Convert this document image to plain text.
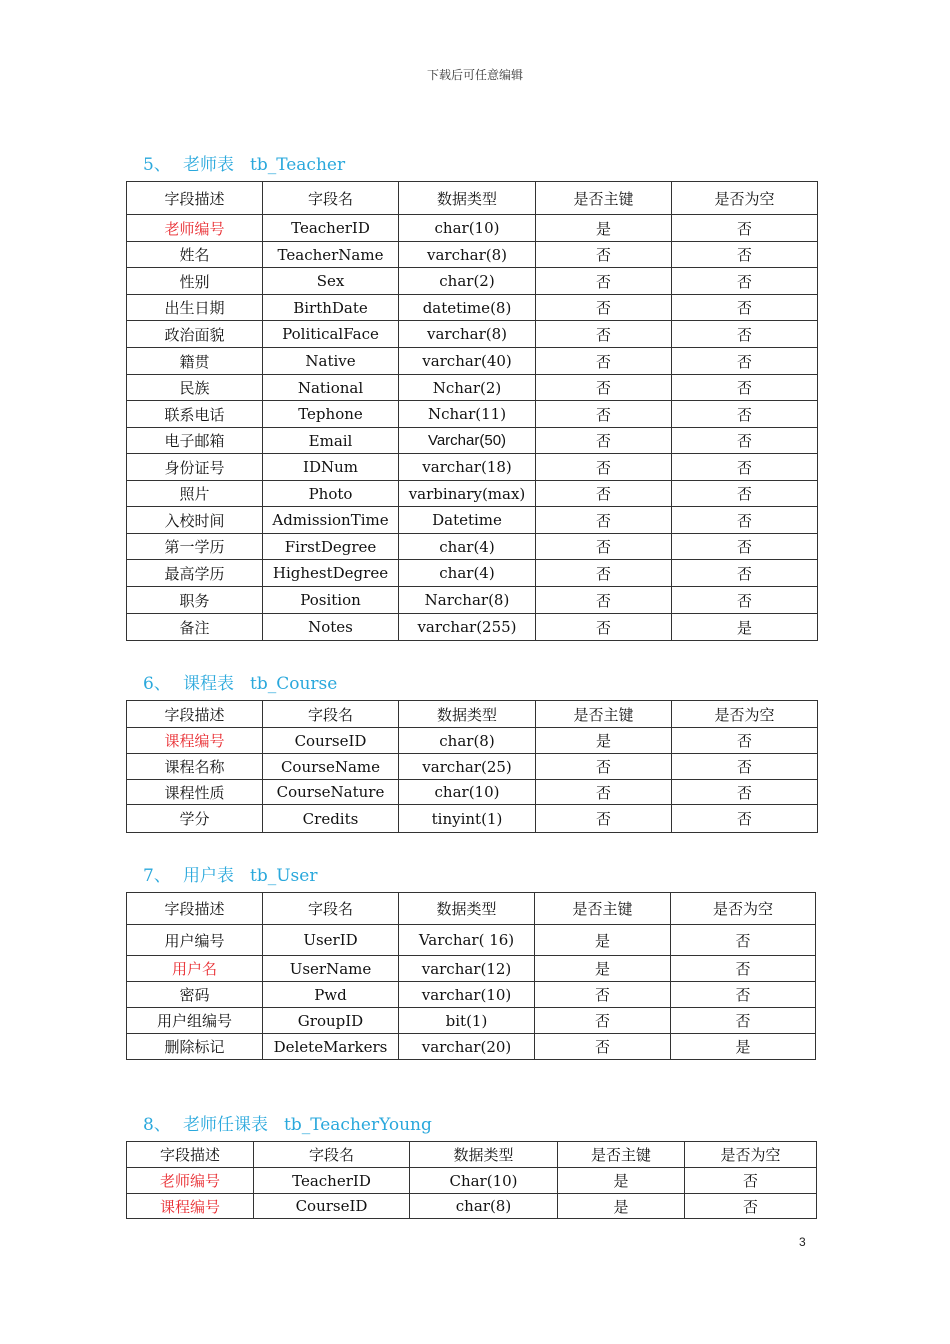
下载后可任意编辑
5、 老师表 tb_Teacher
字段描述	字段名	数据类型	是否主键	是否为空
老师编号	TeacherID	char(10)	是	否
姓名	TeacherName	varchar(8)	否	否
性别	Sex	char(2)	否	否
出生日期	BirthDate	datetime(8)	否	否
政治面貌	PoliticalFace	varchar(8)	否	否
籍贯	Native	varchar(40)	否	否
民族	National	Nchar(2)	否	否
联系电话	Tephone	Nchar(11)	否	否
电子邮箱	Email	Varchar(50)	否	否
身份证号	IDNum	varchar(18)	否	否
照片	Photo	varbinary(max)	否	否
入校时间	AdmissionTime	Datetime	否	否
第一学历	FirstDegree	char(4)	否	否
最高学历	HighestDegree	char(4)	否	否
职务	Position	Narchar(8)	否	否
备注	Notes	varchar(255)	否	是
6、 课程表 tb_Course
字段描述	字段名	数据类型	是否主键	是否为空
课程编号	CourseID	char(8)	是	否
课程名称	CourseName	varchar(25)	否	否
课程性质	CourseNature	char(10)	否	否
学分	Credits	tinyint(1)	否	否
7、 用户表 tb_User
字段描述	字段名	数据类型	是否主键	是否为空
用户编号	UserID	Varchar( 16)	是	否
用户名	UserName	varchar(12)	是	否
密码	Pwd	varchar(10)	否	否
用户组编号	GroupID	bit(1)	否	否
删除标记	DeleteMarkers	varchar(20)	否	是
8、 老师任课表 tb_TeacherYoung
字段描述	字段名	数据类型	是否主键	是否为空
老师编号	TeacherID	Char(10)	是	否
课程编号	CourseID	char(8)	是	否
3
